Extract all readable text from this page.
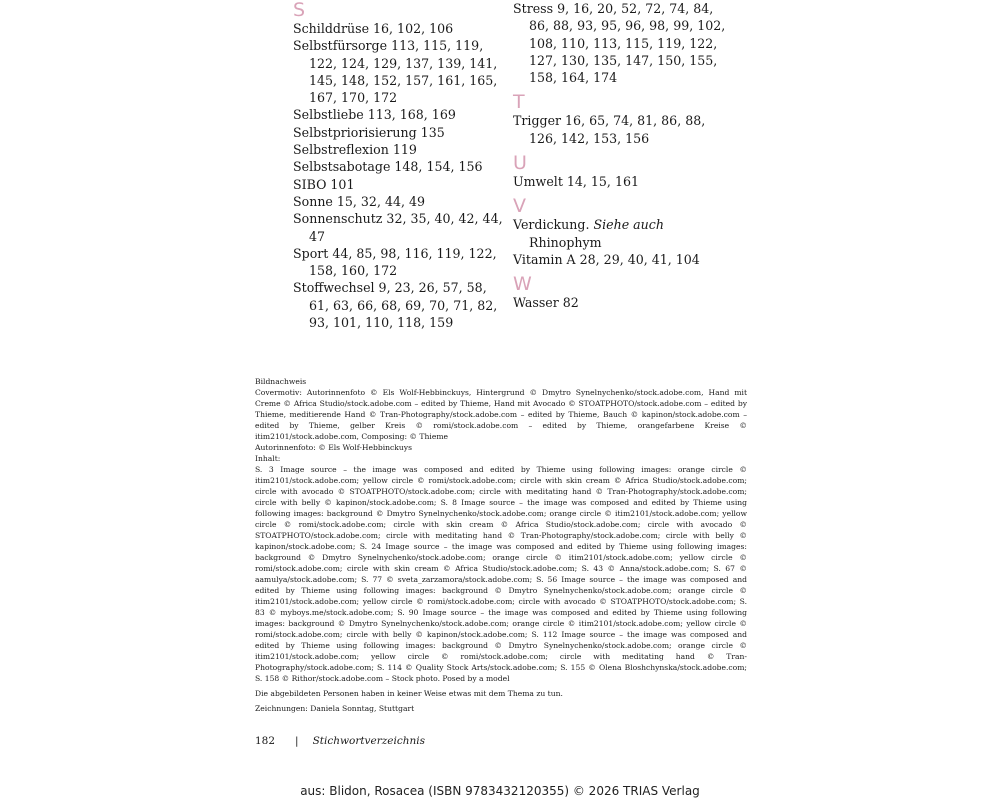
S
Schilddrüse 16, 102, 106
Selbstfürsorge 113, 115, 119, 122, 124, 129, 137, 139, 141, 145, 148, 152, 157, 161, 165, 167, 170, 172
Selbstliebe 113, 168, 169
Selbstpriorisierung 135
Selbstreflexion 119
Selbstsabotage 148, 154, 156
SIBO 101
Sonne 15, 32, 44, 49
Sonnenschutz 32, 35, 40, 42, 44, 47
Sport 44, 85, 98, 116, 119, 122, 158, 160, 172
Stoffwechsel 9, 23, 26, 57, 58, 61, 63, 66, 68, 69, 70, 71, 82, 93, 101, 110, 118, 159
Stress 9, 16, 20, 52, 72, 74, 84, 86, 88, 93, 95, 96, 98, 99, 102, 108, 110, 113, 115, 119, 122, 127, 130, 135, 147, 150, 155, 158, 164, 174
T
Trigger 16, 65, 74, 81, 86, 88, 126, 142, 153, 156
U
Umwelt 14, 15, 161
V
Verdickung. Siehe auch Rhinophym
Vitamin A 28, 29, 40, 41, 104
W
Wasser 82

Bildnachweis

Covermotiv: Autorinnenfoto © Els Wolf-Hebbinckuys, Hintergrund © Dmytro Synelnychenko/stock.adobe.com, Hand mit Creme © Africa Studio/stock.adobe.com – edited by Thieme, Hand mit Avocado © STOATPHOTO/stock.adobe.com – edited by Thieme, meditierende Hand © Tran-Photography/stock.adobe.com – edited by Thieme, Bauch © kapinon/stock.adobe.com – edited by Thieme, gelber Kreis © romi/stock.adobe.com – edited by Thieme, orangefarbene Kreise © itim2101/stock.adobe.com, Composing: © Thieme

Autorinnenfoto: © Els Wolf-Hebbinckuys

Inhalt:

S. 3 Image source – the image was composed and edited by Thieme using following images: orange circle © itim2101/stock.adobe.com; yellow circle © romi/stock.adobe.com; circle with skin cream © Africa Studio/stock.adobe.com; circle with avocado © STOATPHOTO/stock.adobe.com; circle with meditating hand © Tran-Photography/stock.adobe.com; circle with belly © kapinon/stock.adobe.com; S. 8 Image source – the image was composed and edited by Thieme using following images: background © Dmytro Synelnychenko/stock.adobe.com; orange circle © itim2101/stock.adobe.com; yellow circle © romi/stock.adobe.com; circle with skin cream © Africa Studio/stock.adobe.com; circle with avocado © STOATPHOTO/stock.adobe.com; circle with meditating hand © Tran-Photography/stock.adobe.com; circle with belly © kapinon/stock.adobe.com; S. 24 Image source – the image was composed and edited by Thieme using following images: background © Dmytro Synelnychenko/stock.adobe.com; orange circle © itim2101/stock.adobe.com; yellow circle © romi/stock.adobe.com; circle with skin cream © Africa Studio/stock.adobe.com; S. 43 © Anna/stock.adobe.com; S. 67 © aamulya/stock.adobe.com; S. 77 © sveta_zarzamora/stock.adobe.com; S. 56 Image source – the image was composed and edited by Thieme using following images: background © Dmytro Synelnychenko/stock.adobe.com; orange circle © itim2101/stock.adobe.com; yellow circle © romi/stock.adobe.com; circle with avocado © STOATPHOTO/stock.adobe.com; S. 83 © myboys.me/stock.adobe.com; S. 90 Image source – the image was composed and edited by Thieme using following images: background © Dmytro Synelnychenko/stock.adobe.com; orange circle © itim2101/stock.adobe.com; yellow circle © romi/stock.adobe.com; circle with belly © kapinon/stock.adobe.com; S. 112 Image source – the image was composed and edited by Thieme using following images: background © Dmytro Synelnychenko/stock.adobe.com; orange circle © itim2101/stock.adobe.com; yellow circle © romi/stock.adobe.com; circle with meditating hand © Tran-Photography/stock.adobe.com; S. 114 © Quality Stock Arts/stock.adobe.com; S. 155 © Olena Bloshchynska/stock.adobe.com; S. 158 © Rithor/stock.adobe.com – Stock photo. Posed by a model

Die abgebildeten Personen haben in keiner Weise etwas mit dem Thema zu tun.

Zeichnungen: Daniela Sonntag, Stuttgart

182 | Stichwortverzeichnis
aus: Blidon, Rosacea (ISBN 9783432120355) © 2026 TRIAS Verlag
